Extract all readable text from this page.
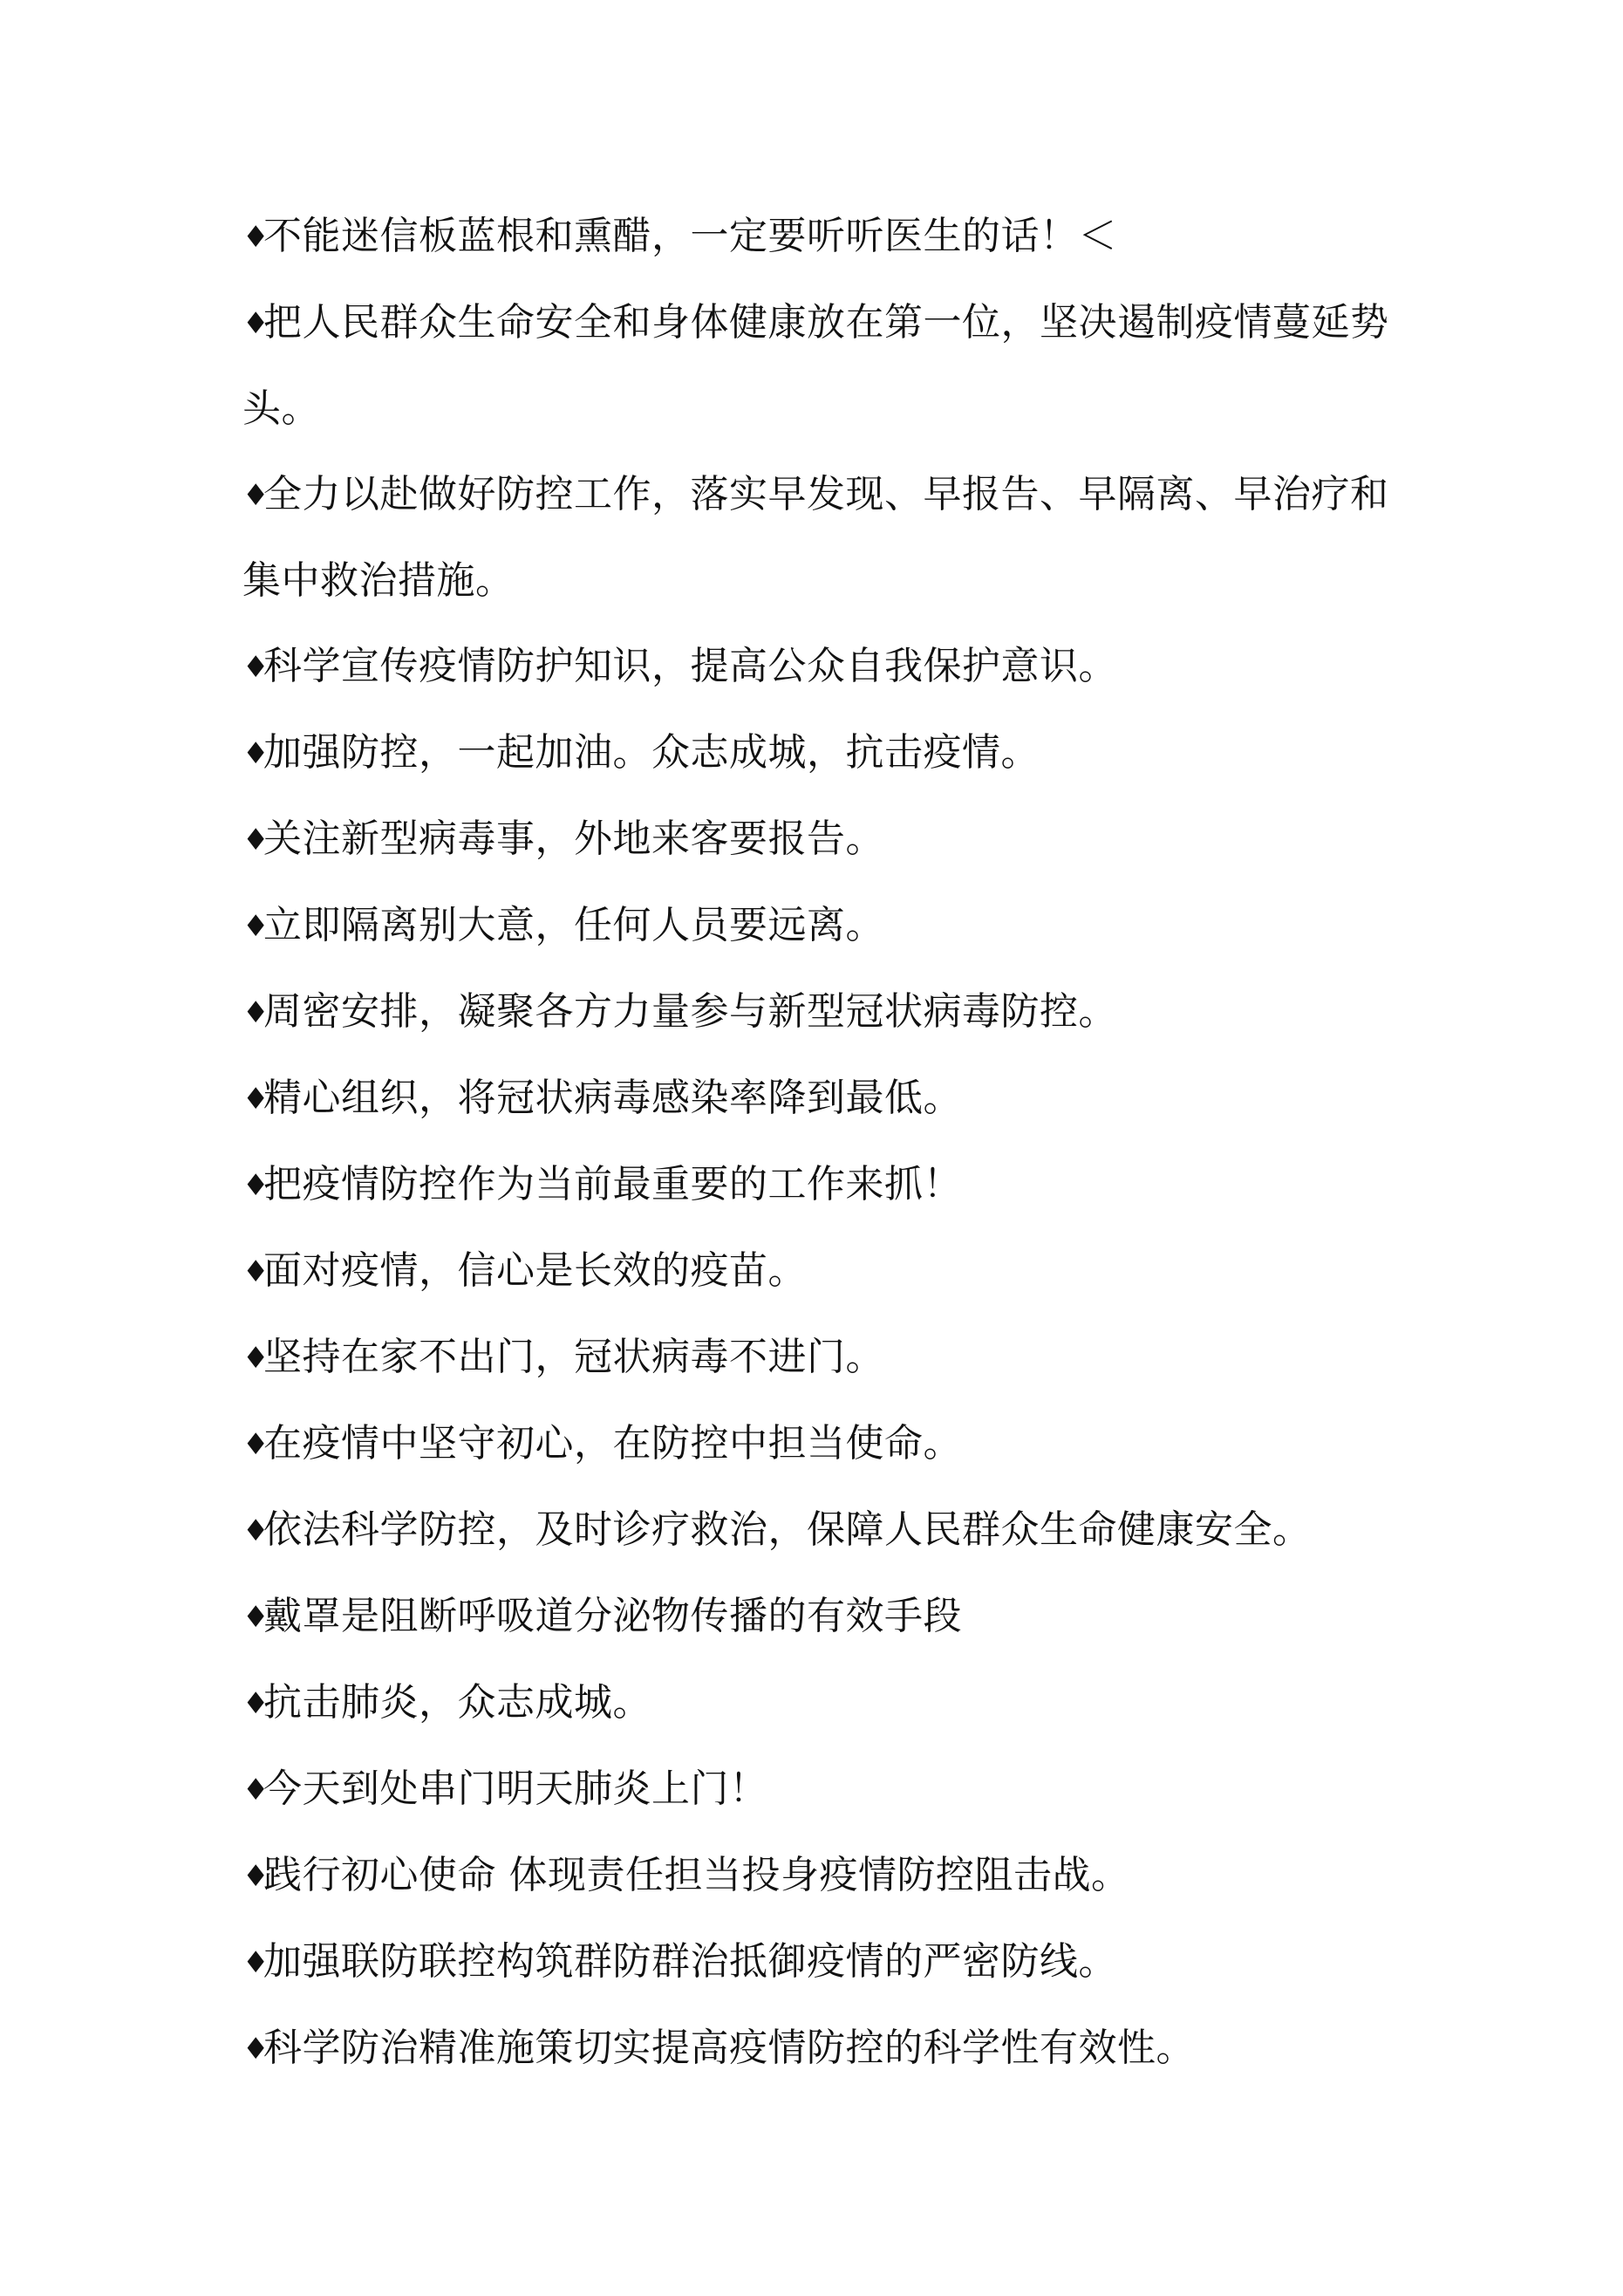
♦不能迷信板蓝根和熏醋，一定要听听医生的话！＜

♦把人民群众生命安全和身体健康放在第一位，坚决遏制疫情蔓延势头。

♦全力以赴做好防控工作，落实早发现、早报告、早隔离、早治疗和集中救治措施。

♦科学宣传疫情防护知识，提高公众自我保护意识。

♦加强防控，一起加油。众志成城，抗击疫情。

♦关注新型病毒事，外地来客要报告。

♦立即隔离别大意，任何人员要远离。

♦周密安排，凝聚各方力量参与新型冠状病毒防控。

♦精心组织，将冠状病毒感染率降到最低。

♦把疫情防控作为当前最重要的工作来抓！

♦面对疫情，信心是长效的疫苗。

♦坚持在家不出门，冠状病毒不进门。

♦在疫情中坚守初心，在防控中担当使命。

♦依法科学防控，及时诊疗救治，保障人民群众生命健康安全。

♦戴罩是阻断呼吸道分泌物传播的有效手段

♦抗击肺炎，众志成城。

♦今天到处串门明天肺炎上门！

♦践行初心使命 体现责任担当投身疫情防控阻击战。

♦加强联防联控构筑群防群治抵御疫情的严密防线。

♦科学防治精准施策切实提高疫情防控的科学性有效性。
